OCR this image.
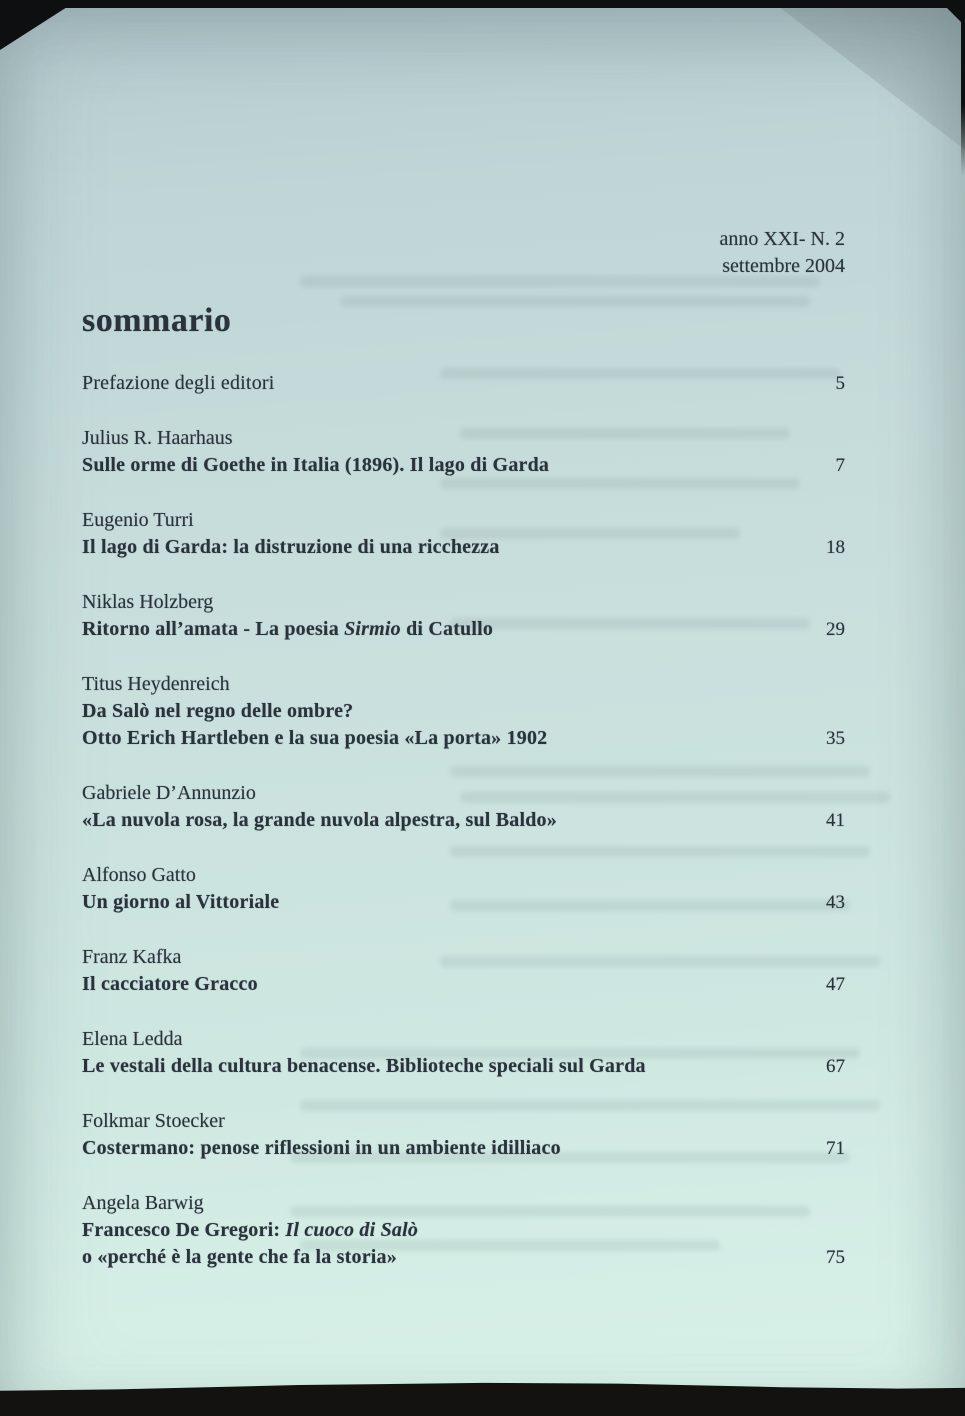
anno XXI- N. 2
settembre 2004
sommario
Prefazione degli editori	5
Julius R. Haarhaus
Sulle orme di Goethe in Italia (1896). Il lago di Garda	7
Eugenio Turri
Il lago di Garda: la distruzione di una ricchezza	18
Niklas Holzberg
Ritorno all’amata - La poesia Sirmio di Catullo	29
Titus Heydenreich
Da Salò nel regno delle ombre?
Otto Erich Hartleben e la sua poesia «La porta» 1902	35
Gabriele D’Annunzio
«La nuvola rosa, la grande nuvola alpestra, sul Baldo»	41
Alfonso Gatto
Un giorno al Vittoriale	43
Franz Kafka
Il cacciatore Gracco	47
Elena Ledda
Le vestali della cultura benacense. Biblioteche speciali sul Garda	67
Folkmar Stoecker
Costermano: penose riflessioni in un ambiente idilliaco	71
Angela Barwig
Francesco De Gregori: Il cuoco di Salò
o «perché è la gente che fa la storia»	75
